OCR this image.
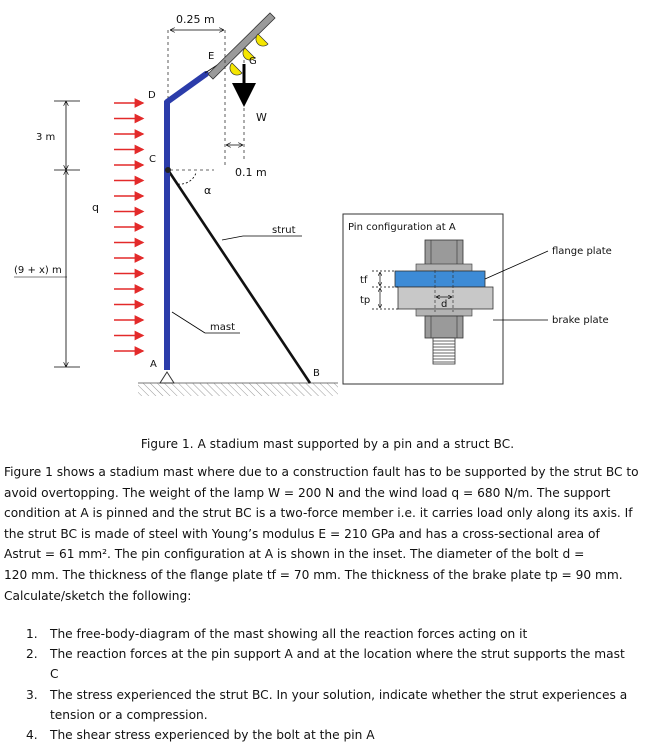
0.25 m
0.1 m
W
E	G
D
C
A
B
α
strut
mast
q
3 m
(9 + x) m
Pin configuration at A
d
tf
tp
flange plate
brake plate
Figure 1. A stadium mast supported by a pin and a struct BC.
Figure 1 shows a stadium mast where due to a construction fault has to be supported by the strut BC to
avoid overtopping. The weight of the lamp W = 200 N and the wind load q = 680 N/m. The support
condition at A is pinned and the strut BC is a two-force member i.e. it carries load only along its axis. If
the strut BC is made of steel with Young’s modulus E = 210 GPa and has a cross-sectional area of
Astrut = 61 mm². The pin configuration at A is shown in the inset. The diameter of the bolt d =
120 mm. The thickness of the flange plate tf = 70 mm. The thickness of the brake plate tp = 90 mm.
Calculate/sketch the following:
1. The free-body-diagram of the mast showing all the reaction forces acting on it
2. The reaction forces at the pin support A and at the location where the strut supports the mast C
3. The stress experienced the strut BC. In your solution, indicate whether the strut experiences a tension or a compression.
4. The shear stress experienced by the bolt at the pin A
